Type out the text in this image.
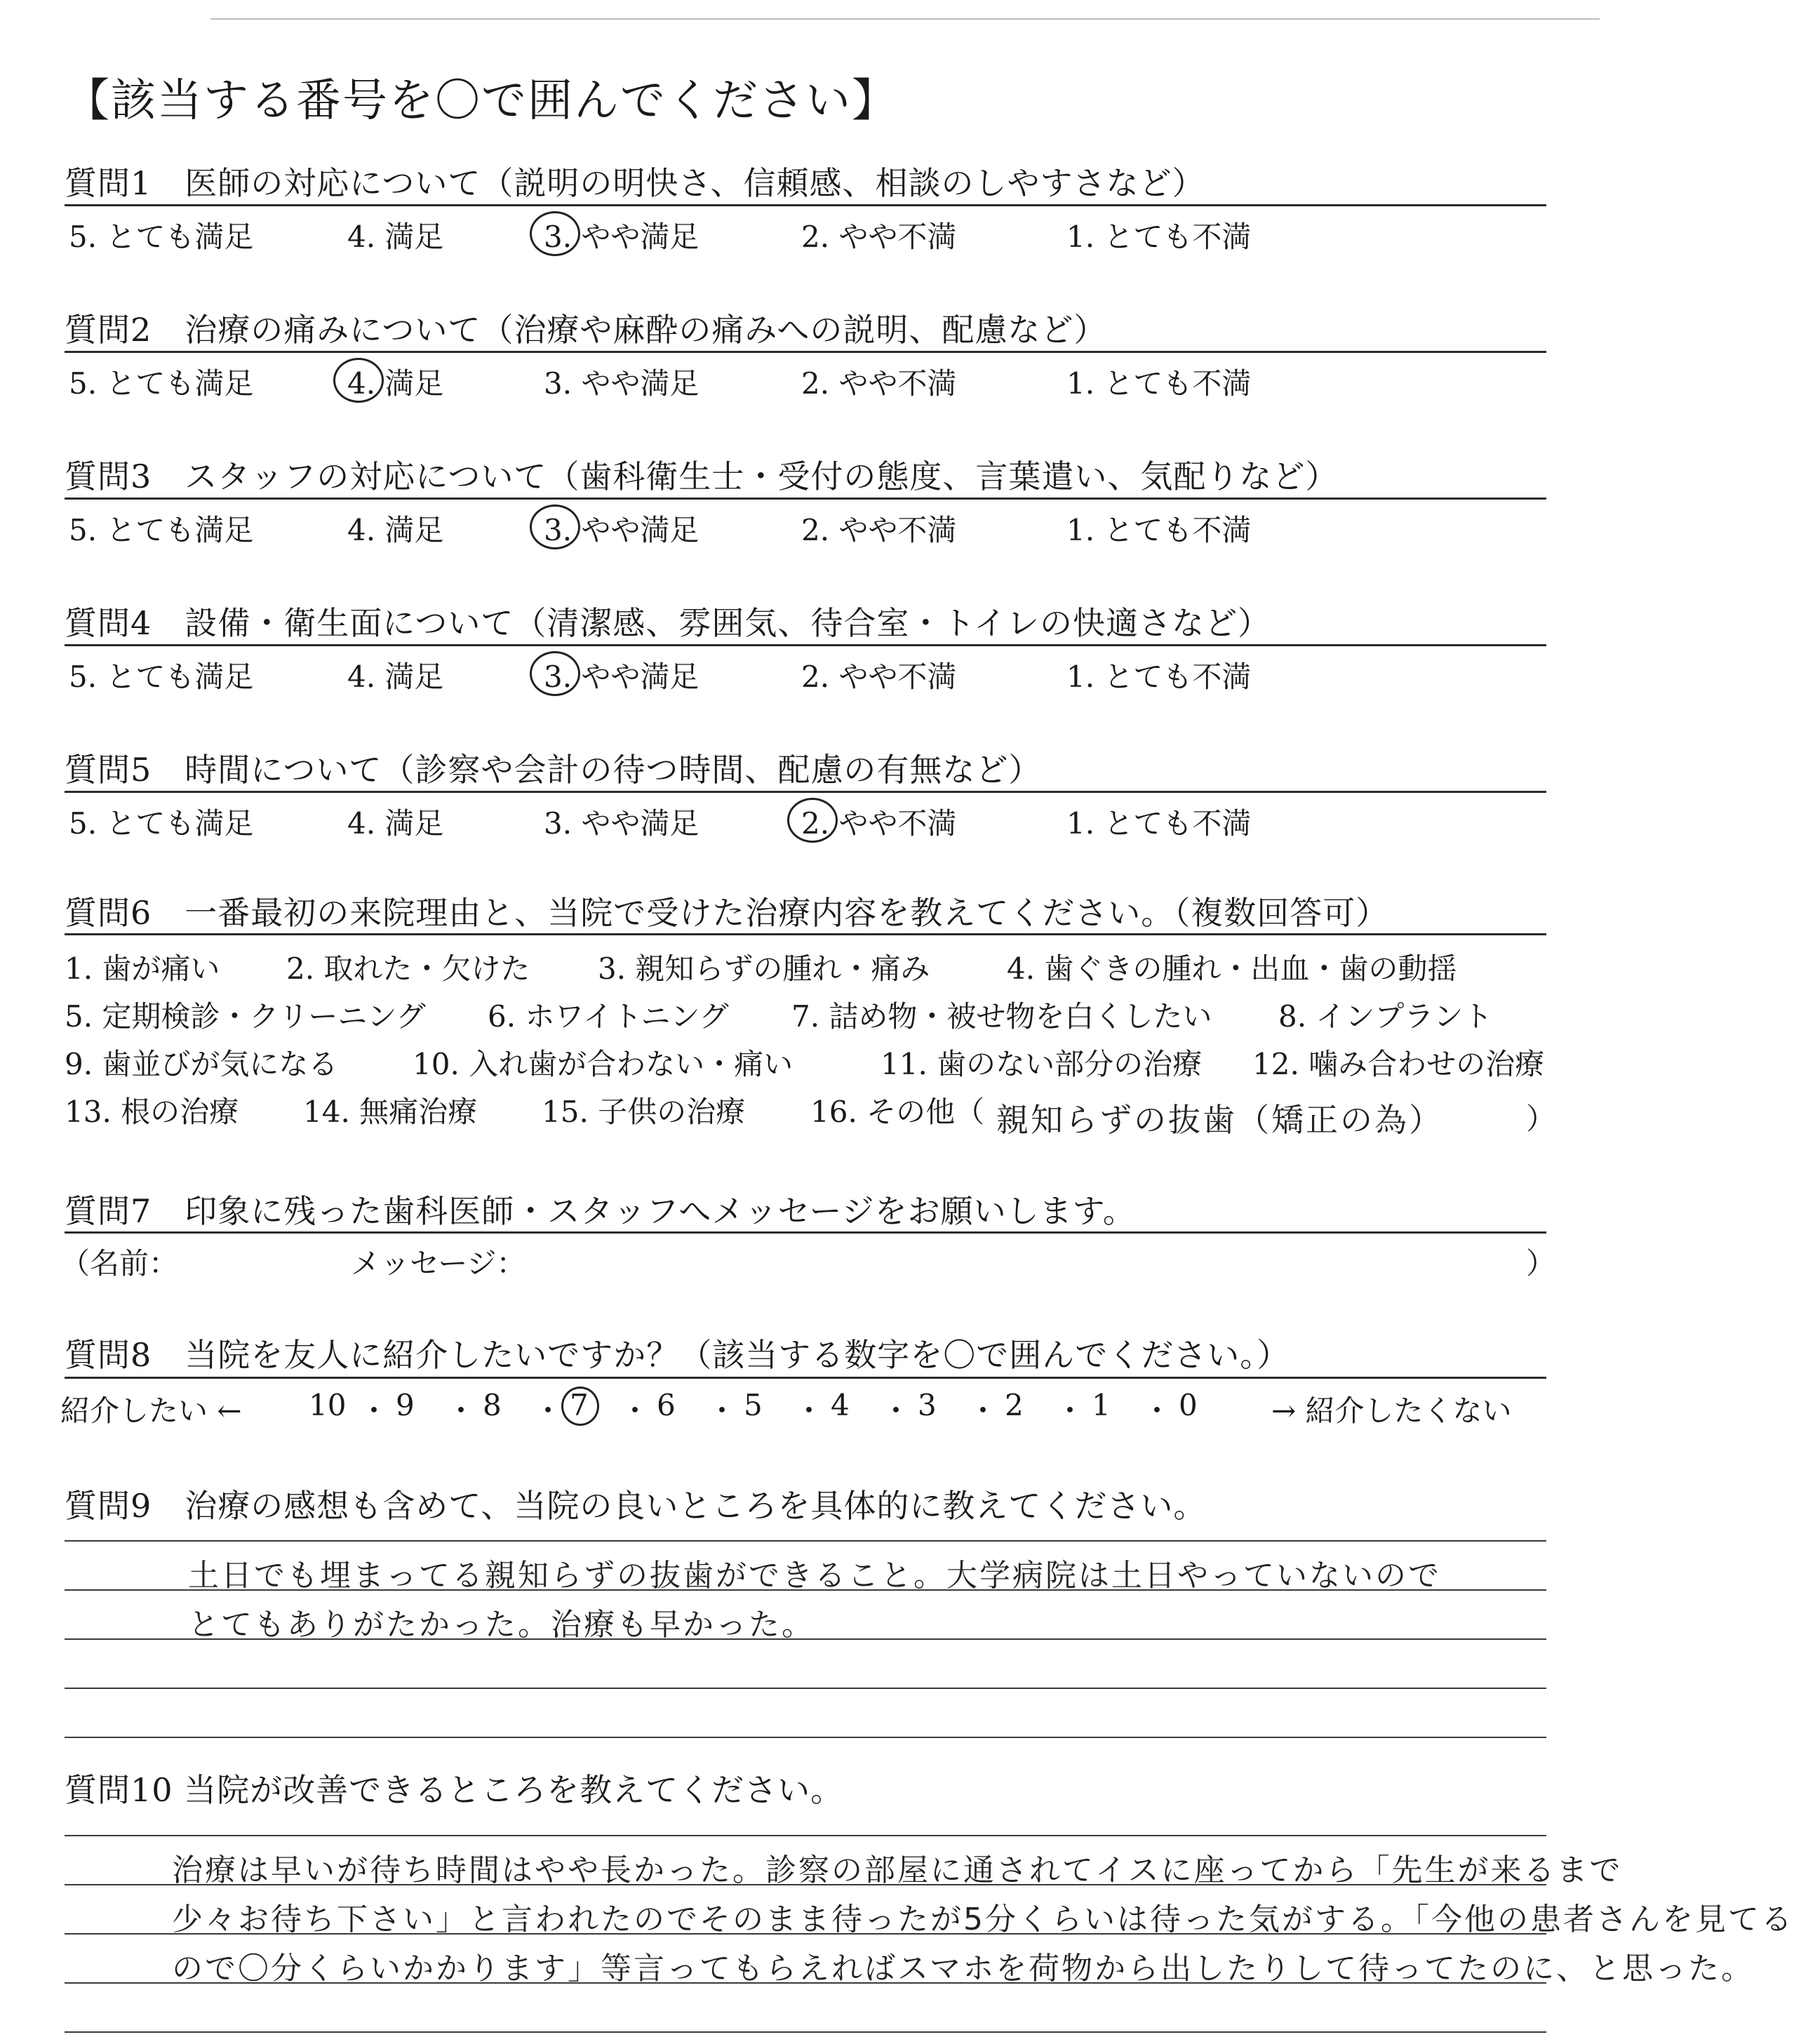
【該当する番号を〇で囲んでください】
質問1　医師の対応について（説明の明快さ、信頼感、相談のしやすさなど）
5. とても満足	4. 満足	3. やや満足	2. やや不満	1. とても不満
質問2　治療の痛みについて（治療や麻酔の痛みへの説明、配慮など）
5. とても満足	4. 満足	3. やや満足	2. やや不満	1. とても不満
質問3　スタッフの対応について（歯科衛生士・受付の態度、言葉遣い、気配りなど）
5. とても満足	4. 満足	3. やや満足	2. やや不満	1. とても不満
質問4　設備・衛生面について（清潔感、雰囲気、待合室・トイレの快適さなど）
5. とても満足	4. 満足	3. やや満足	2. やや不満	1. とても不満
質問5　時間について（診察や会計の待つ時間、配慮の有無など）
5. とても満足	4. 満足	3. やや満足	2. やや不満	1. とても不満
質問6　一番最初の来院理由と、当院で受けた治療内容を教えてください。（複数回答可）
1. 歯が痛い 2. 取れた・欠けた 3. 親知らずの腫れ・痛み	4. 歯ぐきの腫れ・出血・歯の動揺
5. 定期検診・クリーニング 6. ホワイトニング 7. 詰め物・被せ物を白くしたい 8. インプラント
9. 歯並びが気になる	10. 入れ歯が合わない・痛い	11. 歯のない部分の治療 12. 噛み合わせの治療
13. 根の治療 14. 無痛治療 15. 子供の治療 16. その他（	）
親知らずの抜歯（矯正の為）
質問7　印象に残った歯科医師・スタッフへメッセージをお願いします。
（名前：	メッセージ：	）
質問8　当院を友人に紹介したいですか？（該当する数字を〇で囲んでください。）
紹介したい ← 10 ・ 9 ・ 8 ・ 7 ・ 6 ・ 5 ・ 4 ・ 3 ・ 2 ・ 1 ・ 0	→ 紹介したくない
質問9　治療の感想も含めて、当院の良いところを具体的に教えてください。
土日でも埋まってる親知らずの抜歯ができること。大学病院は土日やっていないので
とてもありがたかった。治療も早かった。
質問10 当院が改善できるところを教えてください。
治療は早いが待ち時間はやや長かった。診察の部屋に通されてイスに座ってから「先生が来るまで
少々お待ち下さい」と言われたのでそのまま待ったが5分くらいは待った気がする。「今他の患者さんを見てる
ので〇分くらいかかります」等言ってもらえればスマホを荷物から出したりして待ってたのに、と思った。
